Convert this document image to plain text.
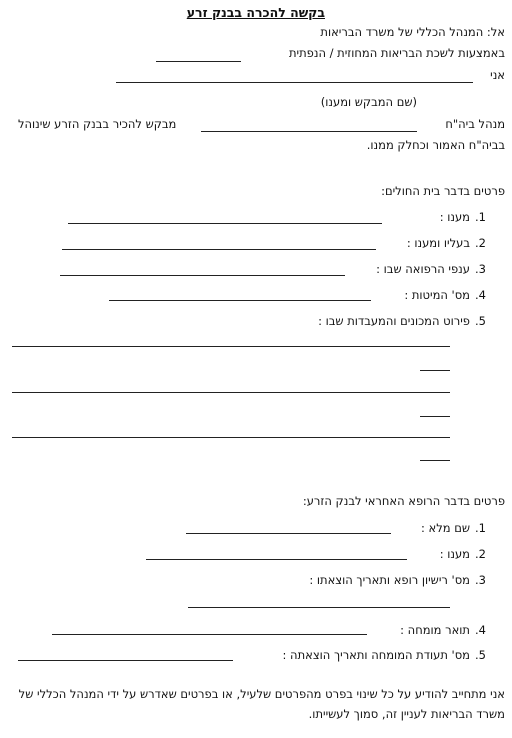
בקשה להכרה בבנק זרע
אל: המנהל הכללי של משרד הבריאות
באמצעות לשכת הבריאות המחוזית / הנפתית
אני
(שם המבקש ומענו)
מנהל ביה"ח
מבקש להכיר בבנק הזרע שינוהל
בביה"ח האמור וכחלק ממנו.
פרטים בדבר בית החולים:
1.
מענו :
2.
בעליו ומענו :
3.
ענפי הרפואה שבו :
4.
מס' המיטות :
5.
פירוט המכונים והמעבדות שבו :
פרטים בדבר הרופא האחראי לבנק הזרע:
1.
שם מלא :
2.
מענו :
3.
מס' רישיון רופא ותאריך הוצאתו :
4.
תואר מומחה :
5.
מס' תעודת המומחה ותאריך הוצאתה :
אני מתחייב להודיע על כל שינוי בפרט מהפרטים שלעיל, או בפרטים שאדרש על ידי המנהל הכללי של משרד הבריאות לעניין זה, סמוך לעשייתו.
